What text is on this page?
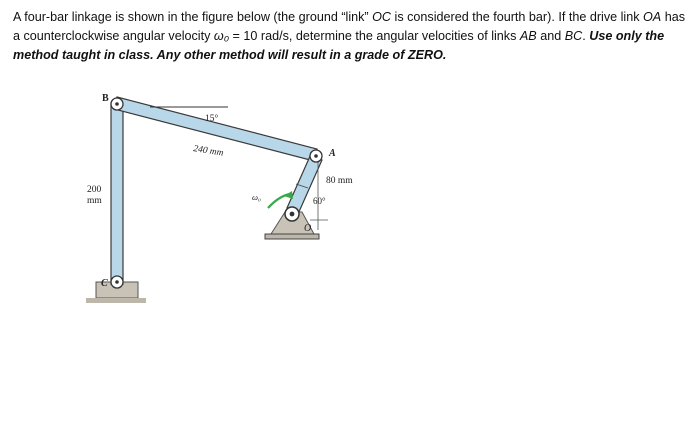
A four-bar linkage is shown in the figure below (the ground “link” OC is considered the fourth bar). If the drive link OA has a counterclockwise angular velocity ω₀ = 10 rad/s, determine the angular velocities of links AB and BC. Use only the method taught in class. Any other method will result in a grade of ZERO.
B
A
C
O
15°
240 mm
80 mm
200
mm	ω₀	60°
